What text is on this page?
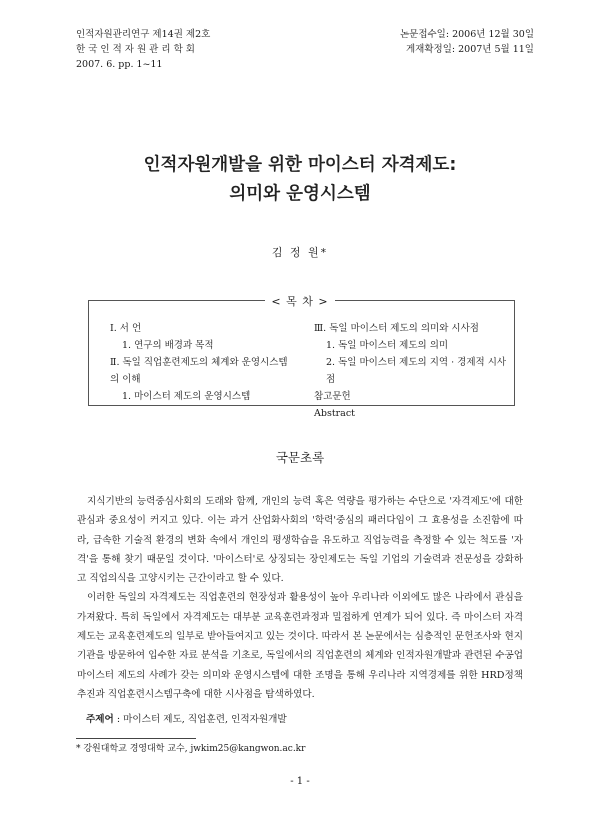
인적자원관리연구 제14권 제2호
한 국 인 적 자 원 관 리 학 회
2007. 6. pp. 1~11
논문접수일: 2006년 12월 30일
게재확정일: 2007년 5월 11일
인적자원개발을 위한 마이스터 자격제도:
의미와 운영시스템
김 정 원*
< 목 차 >
Ⅰ. 서 언
1. 연구의 배경과 목적
Ⅱ. 독일 직업훈련제도의 체계와 운영시스템
의 이해
1. 마이스터 제도의 운영시스템
Ⅲ. 독일 마이스터 제도의 의미와 시사점
1. 독일 마이스터 제도의 의미
2. 독일 마이스터 제도의 지역 · 경제적 시사점
참고문헌
Abstract
국문초록

지식기반의 능력중심사회의 도래와 함께, 개인의 능력 혹은 역량을 평가하는 수단으로 '자격제도'에 대한 관심과 중요성이 커지고 있다. 이는 과거 산업화사회의 '학력'중심의 패러다임이 그 효용성을 소진함에 따라, 급속한 기술적 환경의 변화 속에서 개인의 평생학습을 유도하고 직업능력을 측정할 수 있는 척도를 '자격'을 통해 찾기 때문일 것이다. '마이스터'로 상징되는 장인제도는 독일 기업의 기술력과 전문성을 강화하고 직업의식을 고양시키는 근간이라고 할 수 있다.

이러한 독일의 자격제도는 직업훈련의 현장성과 활용성이 높아 우리나라 이외에도 많은 나라에서 관심을 가져왔다. 특히 독일에서 자격제도는 대부분 교육훈련과정과 밀접하게 연계가 되어 있다. 즉 마이스터 자격제도는 교육훈련제도의 일부로 받아들여지고 있는 것이다. 따라서 본 논문에서는 심층적인 문헌조사와 현지기관을 방문하여 입수한 자료 분석을 기초로, 독일에서의 직업훈련의 체계와 인적자원개발과 관련된 수공업 마이스터 제도의 사례가 갖는 의미와 운영시스템에 대한 조명을 통해 우리나라 지역경제를 위한 HRD정책추진과 직업훈련시스템구축에 대한 시사점을 탐색하였다.

주제어 : 마이스터 제도, 직업훈련, 인적자원개발
* 강원대학교 경영대학 교수, jwkim25@kangwon.ac.kr
- 1 -
